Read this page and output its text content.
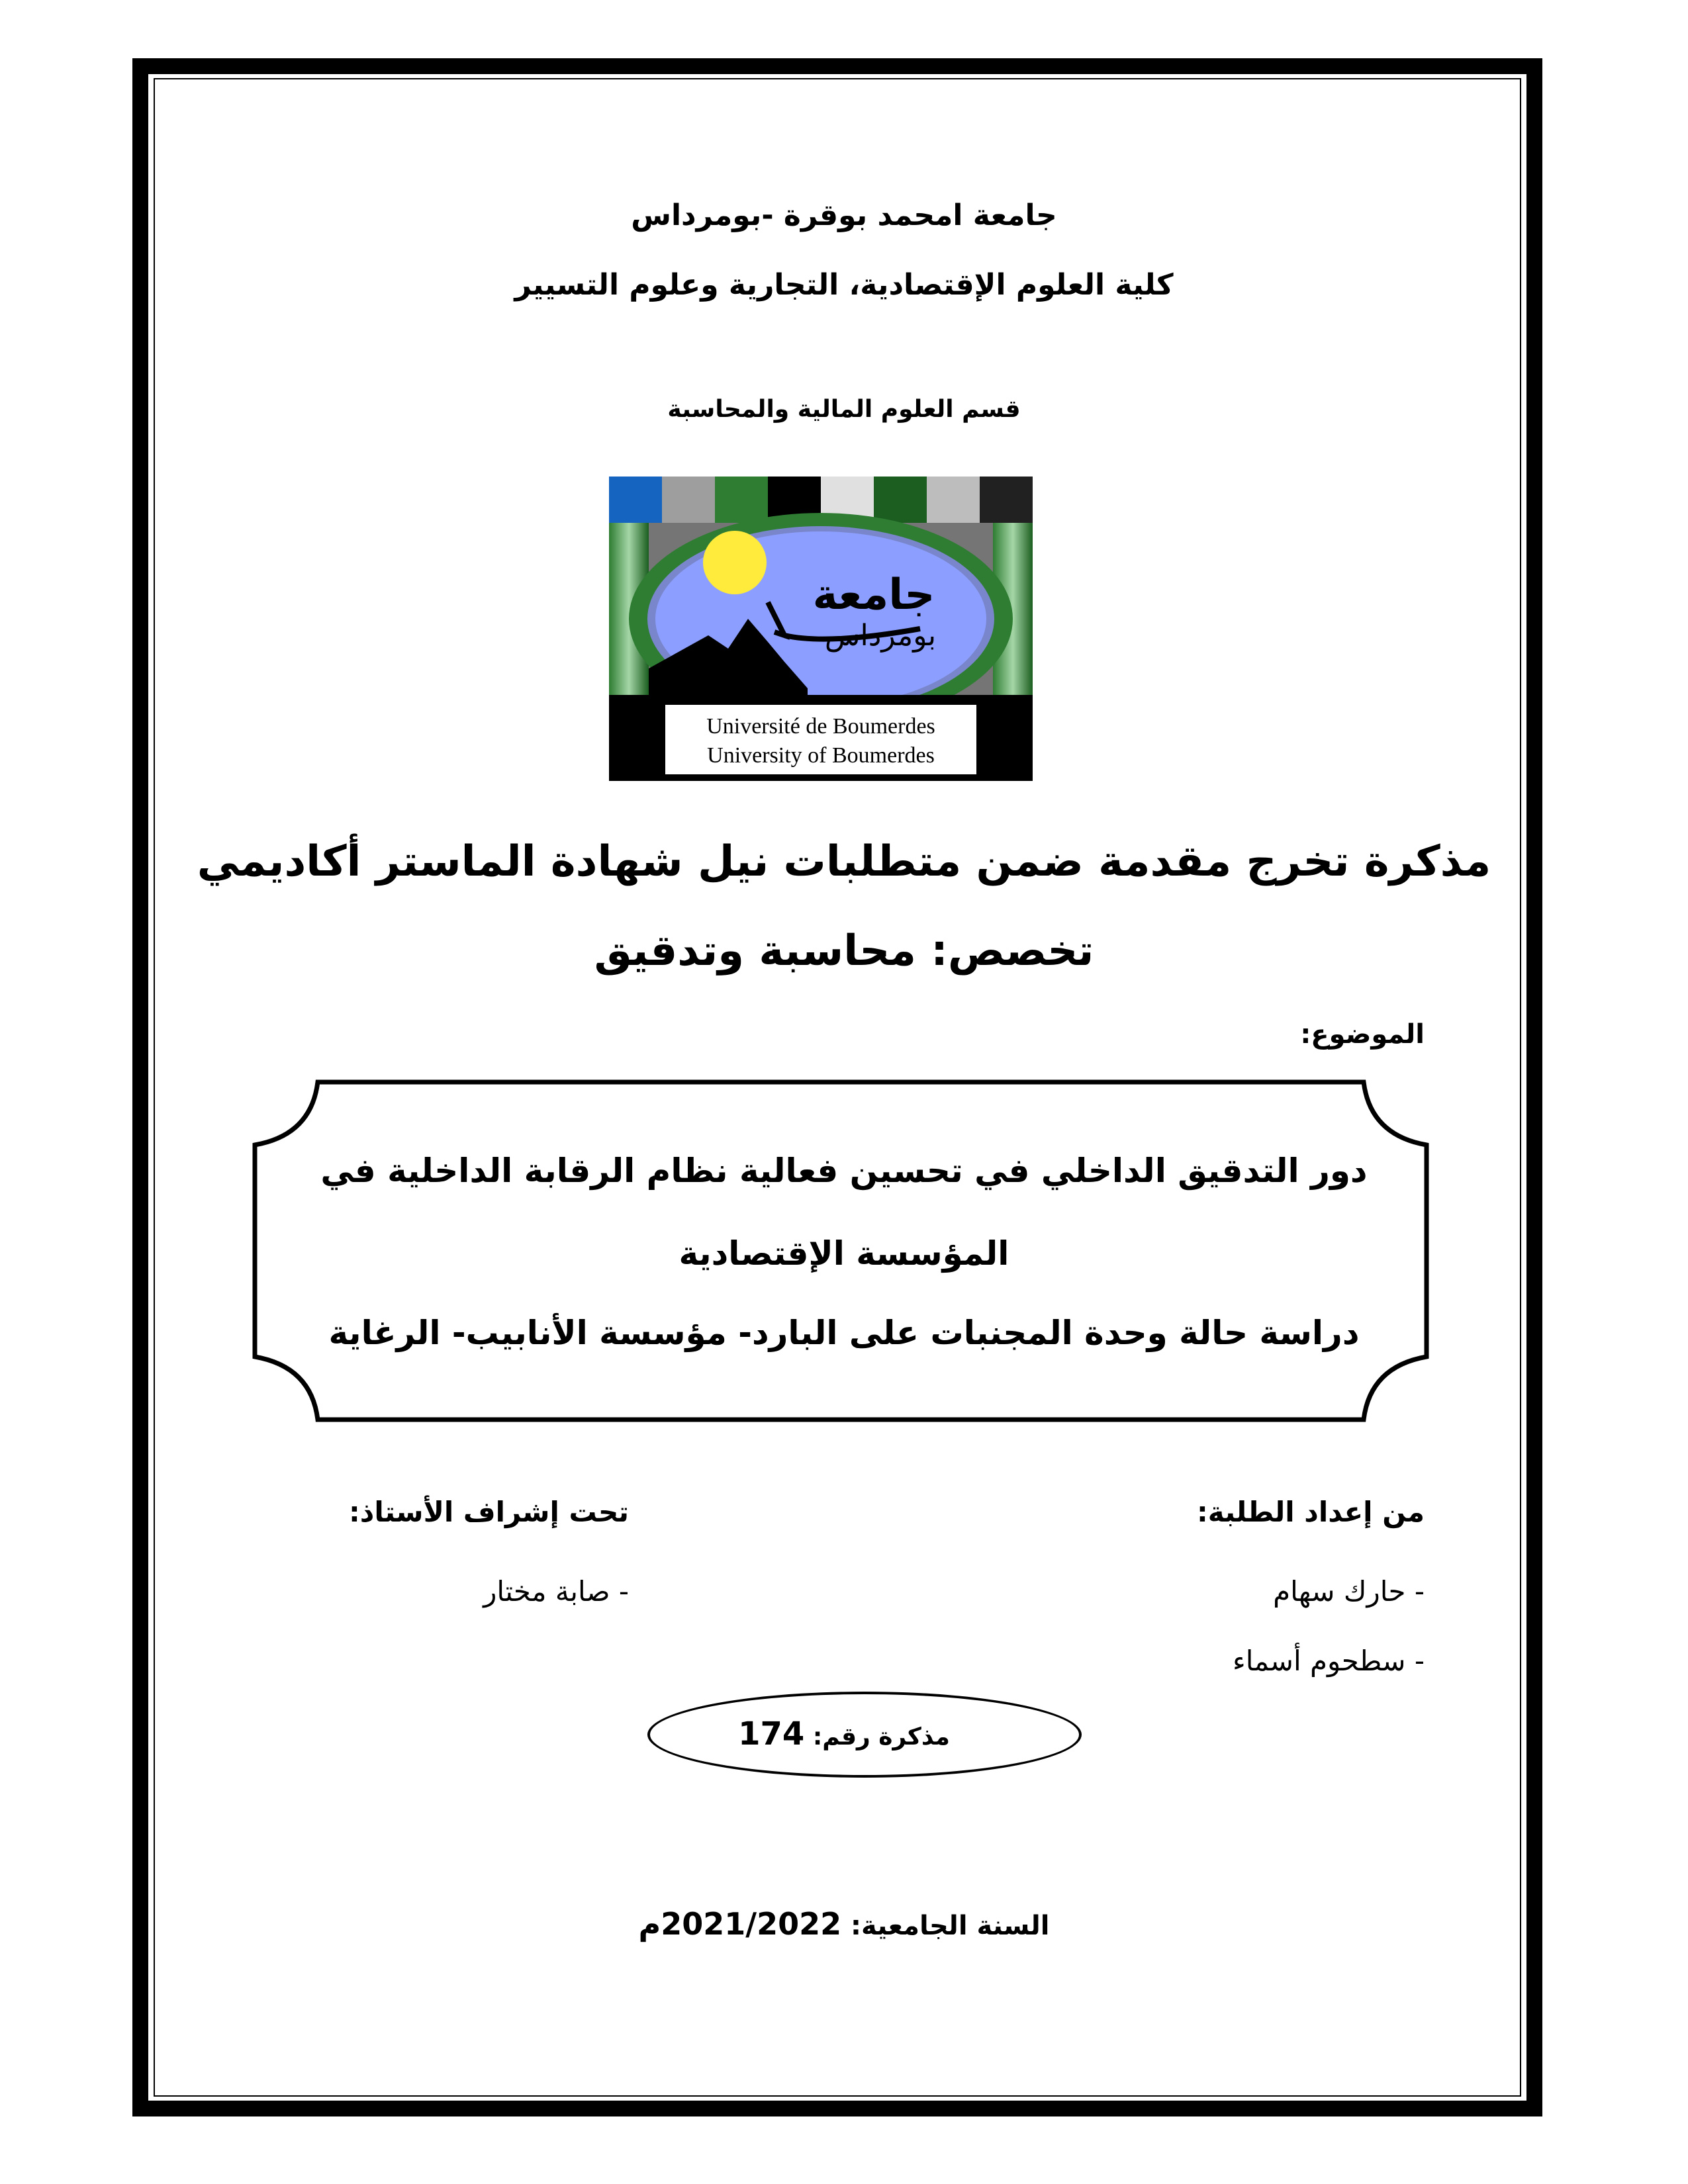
جامعة امحمد بوقرة -بومرداس
كلية العلوم الإقتصادية، التجارية وعلوم التسيير
قسم العلوم المالية والمحاسبة
جامعة
بومرداس
Université de Boumerdes
University of Boumerdes
مذكرة تخرج مقدمة ضمن متطلبات نيل شهادة الماستر أكاديمي
تخصص: محاسبة وتدقيق
الموضوع:
دور التدقيق الداخلي في تحسين فعالية نظام الرقابة الداخلية في
المؤسسة الإقتصادية
دراسة حالة وحدة المجنبات على البارد- مؤسسة الأنابيب- الرغاية
من إعداد الطلبة:
- حارك سهام
- سطحوم أسماء
تحت إشراف الأستاذ:
- صابة مختار
مذكرة رقم: 174
السنة الجامعية: 2021/2022م
